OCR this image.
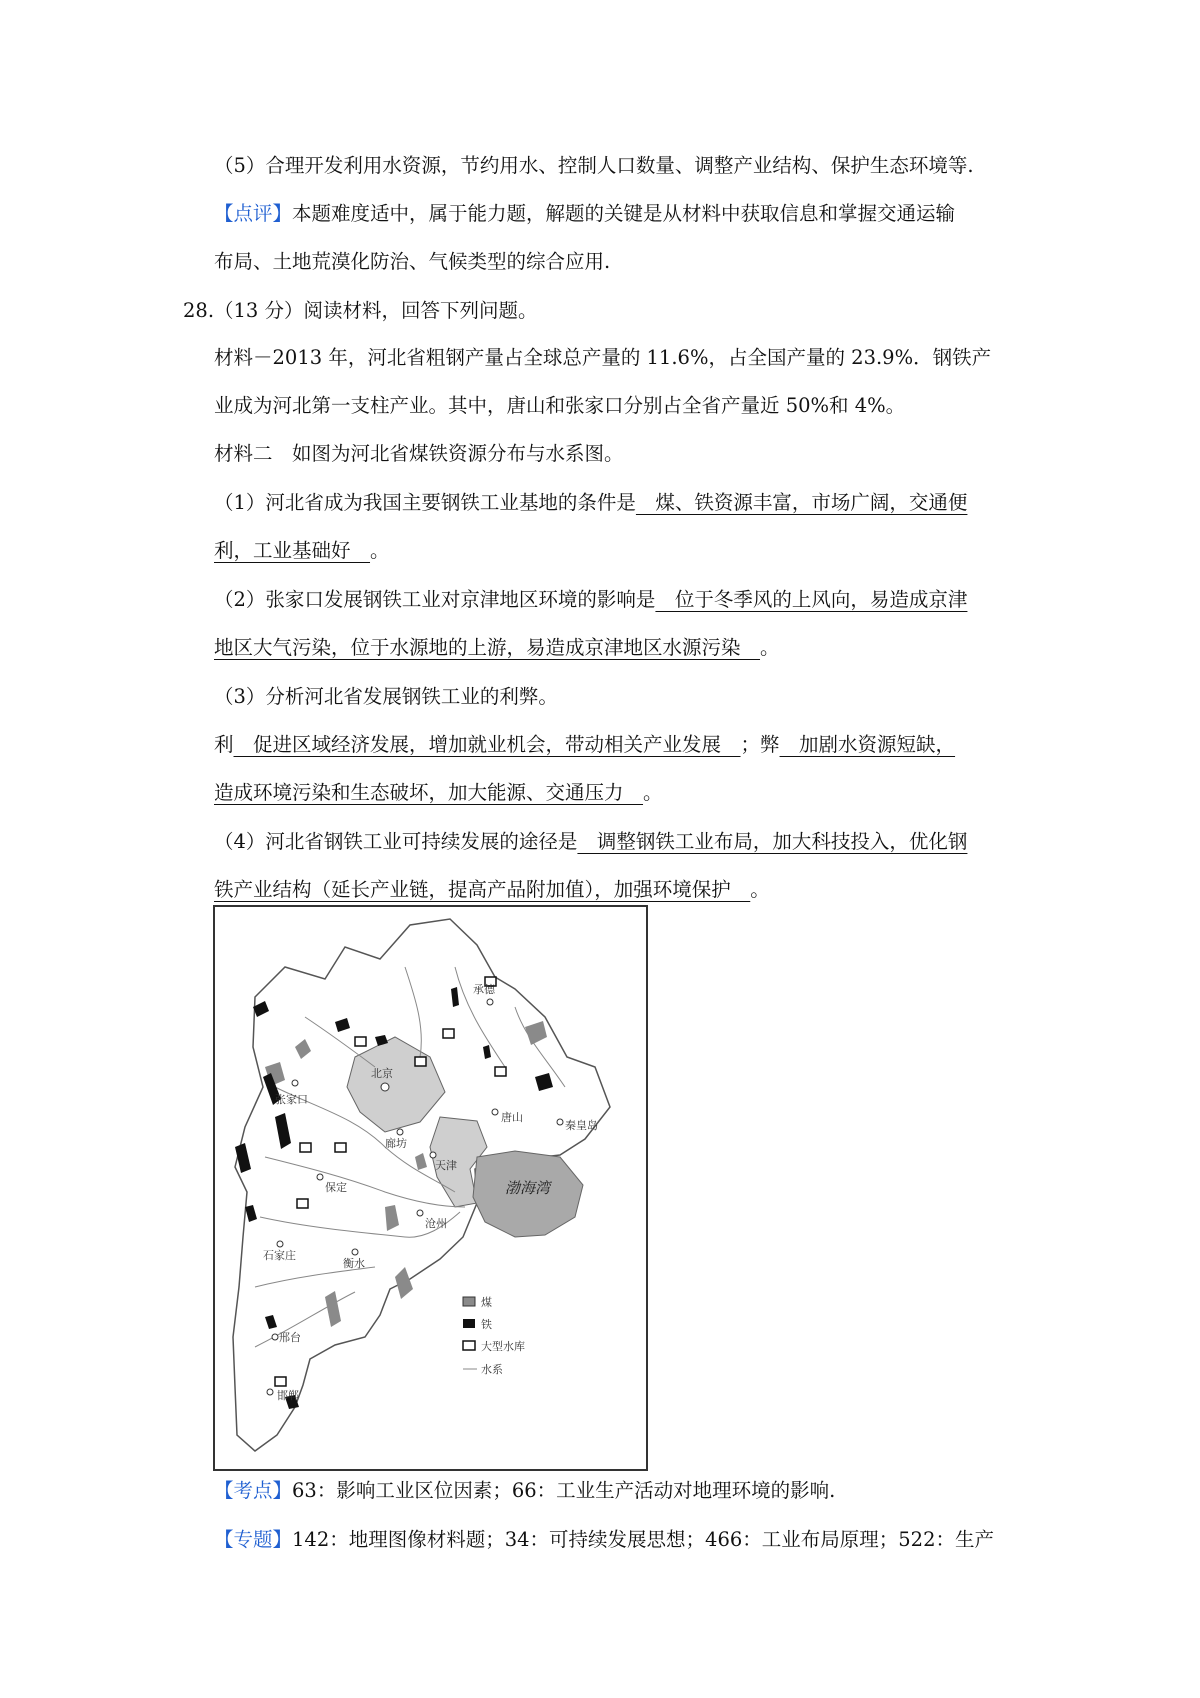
（5）合理开发利用水资源，节约用水、控制人口数量、调整产业结构、保护生态环境等.
【点评】本题难度适中，属于能力题，解题的关键是从材料中获取信息和掌握交通运输
布局、土地荒漠化防治、气候类型的综合应用.
28.（13 分）阅读材料，回答下列问题。
材料－2013 年，河北省粗钢产量占全球总产量的 11.6%，占全国产量的 23.9%．钢铁产
业成为河北第一支柱产业。其中，唐山和张家口分别占全省产量近 50%和 4%。
材料二　如图为河北省煤铁资源分布与水系图。
（1）河北省成为我国主要钢铁工业基地的条件是　煤、铁资源丰富，市场广阔，交通便
利，工业基础好　。
（2）张家口发展钢铁工业对京津地区环境的影响是　位于冬季风的上风向，易造成京津
地区大气污染，位于水源地的上游，易造成京津地区水源污染　。
（3）分析河北省发展钢铁工业的利弊。
利　促进区域经济发展，增加就业机会，带动相关产业发展　；弊　加剧水资源短缺，
造成环境污染和生态破坏，加大能源、交通压力　。
（4）河北省钢铁工业可持续发展的途径是　调整钢铁工业布局，加大科技投入，优化钢
铁产业结构（延长产业链，提高产品附加值），加强环境保护　。
承德
张家口
北京
秦皇岛
唐山
廊坊
天津
保定
沧州
石家庄
衡水
邢台
邯郸
渤海湾
煤
铁
大型水库
水系
【考点】63：影响工业区位因素；66：工业生产活动对地理环境的影响.
【专题】142：地理图像材料题；34：可持续发展思想；466：工业布局原理；522：生产
